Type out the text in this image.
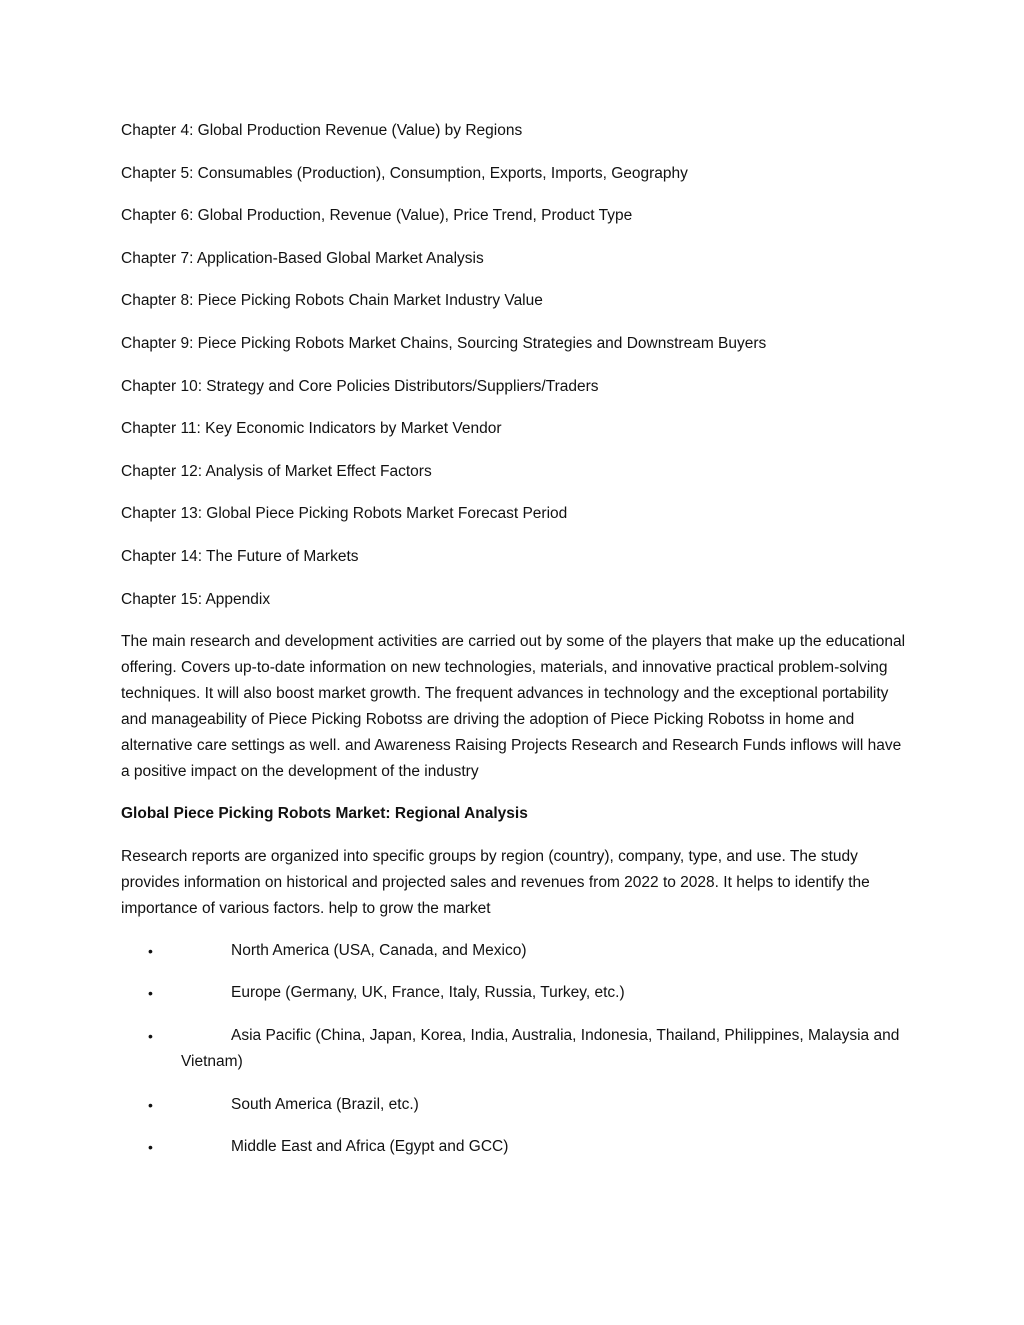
Chapter 4: Global Production Revenue (Value) by Regions

Chapter 5: Consumables (Production), Consumption, Exports, Imports, Geography

Chapter 6: Global Production, Revenue (Value), Price Trend, Product Type

Chapter 7: Application-Based Global Market Analysis

Chapter 8: Piece Picking Robots Chain Market Industry Value

Chapter 9: Piece Picking Robots Market Chains, Sourcing Strategies and Downstream Buyers

Chapter 10: Strategy and Core Policies Distributors/Suppliers/Traders

Chapter 11: Key Economic Indicators by Market Vendor

Chapter 12: Analysis of Market Effect Factors

Chapter 13: Global Piece Picking Robots Market Forecast Period

Chapter 14: The Future of Markets

Chapter 15: Appendix

The main research and development activities are carried out by some of the players that make up the educational offering. Covers up-to-date information on new technologies, materials, and innovative practical problem-solving techniques. It will also boost market growth. The frequent advances in technology and the exceptional portability and manageability of Piece Picking Robotss are driving the adoption of Piece Picking Robotss in home and alternative care settings as well. and Awareness Raising Projects Research and Research Funds inflows will have a positive impact on the development of the industry

Global Piece Picking Robots Market: Regional Analysis

Research reports are organized into specific groups by region (country), company, type, and use. The study provides information on historical and projected sales and revenues from 2022 to 2028. It helps to identify the importance of various factors. help to grow the market

•	North America (USA, Canada, and Mexico)
•	Europe (Germany, UK, France, Italy, Russia, Turkey, etc.)
•	Asia Pacific (China, Japan, Korea, India, Australia, Indonesia, Thailand, Philippines, Malaysia and Vietnam)
•	South America (Brazil, etc.)
•	Middle East and Africa (Egypt and GCC)
